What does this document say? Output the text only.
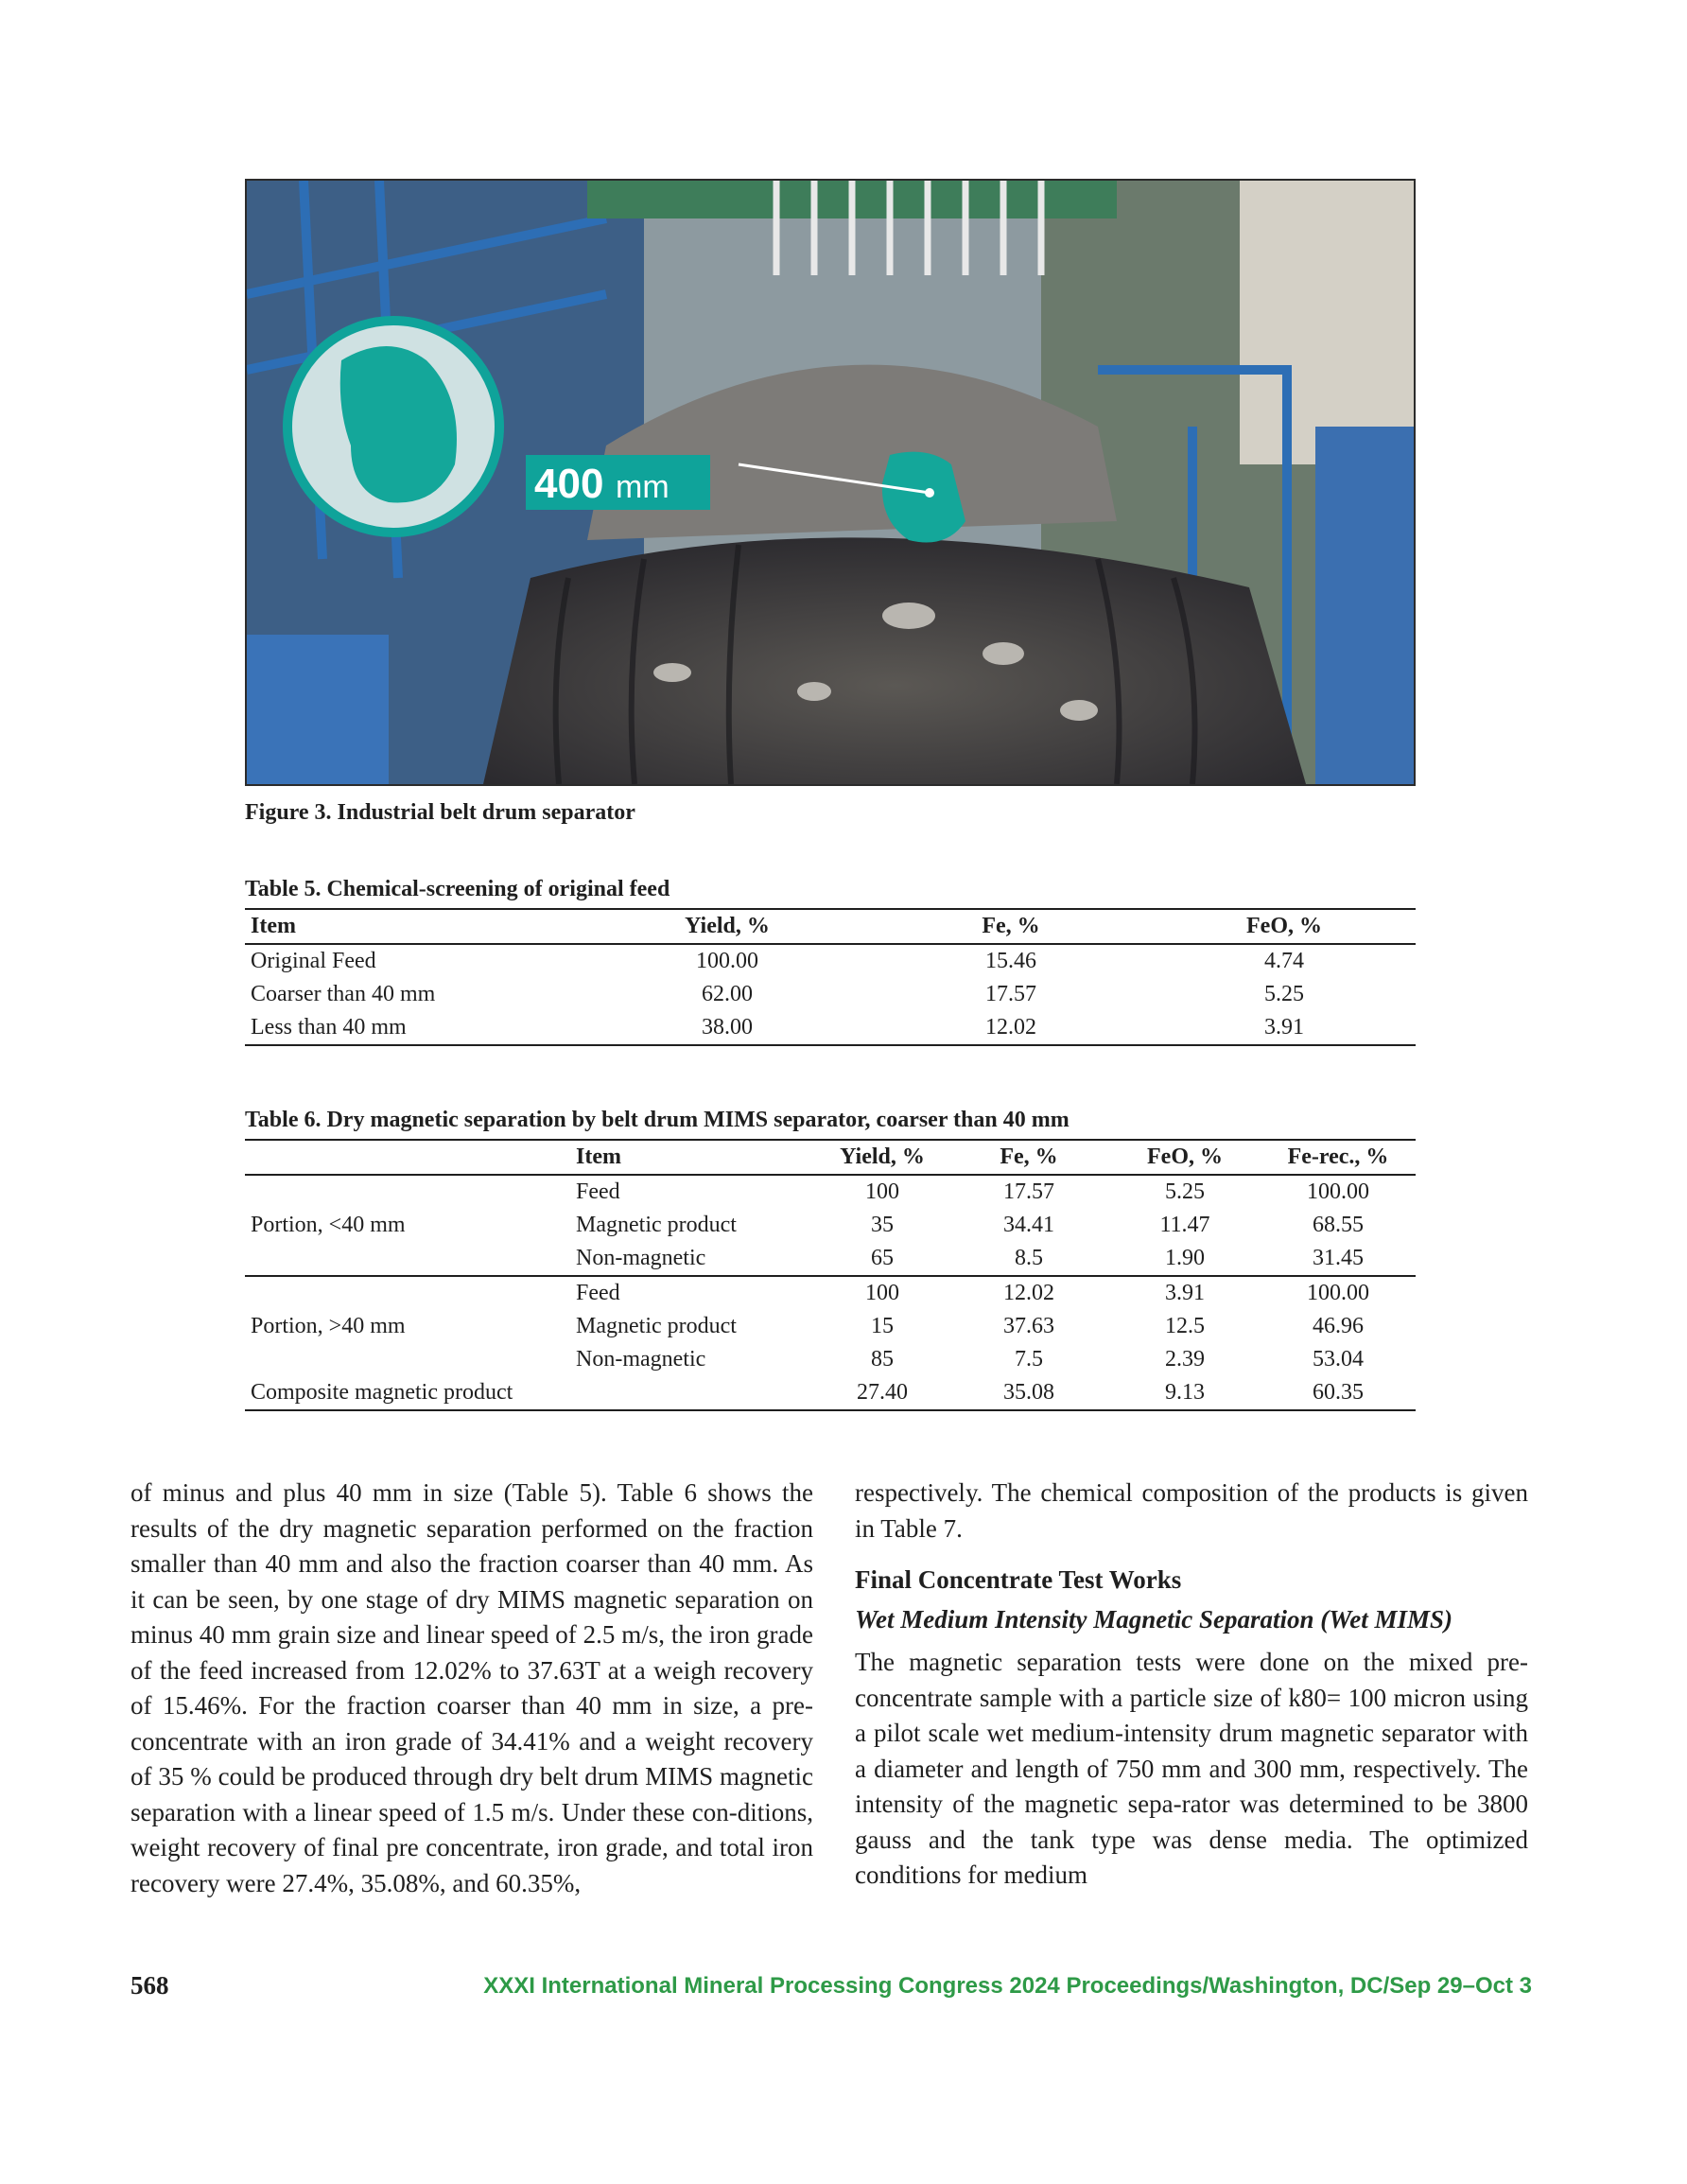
400 mm
Figure 3. Industrial belt drum separator
Table 5. Chemical-screening of original feed
Item	Yield, %	Fe, %	FeO, %
Original Feed	100.00	15.46	4.74
Coarser than 40 mm	62.00	17.57	5.25
Less than 40 mm	38.00	12.02	3.91
Table 6. Dry magnetic separation by belt drum MIMS separator, coarser than 40 mm
	Item	Yield, %	Fe, %	FeO, %	Fe-rec., %
Portion, <40 mm	Feed	100	17.57	5.25	100.00
	Magnetic product	35	34.41	11.47	68.55
	Non-magnetic	65	8.5	1.90	31.45
Portion, >40 mm	Feed	100	12.02	3.91	100.00
	Magnetic product	15	37.63	12.5	46.96
	Non-magnetic	85	7.5	2.39	53.04
Composite magnetic product		27.40	35.08	9.13	60.35

of minus and plus 40 mm in size (Table 5). Table 6 shows the results of the dry magnetic separation performed on the fraction smaller than 40 mm and also the fraction coarser than 40 mm. As it can be seen, by one stage of dry MIMS magnetic separation on minus 40 mm grain size and linear speed of 2.5 m/s, the iron grade of the feed increased from 12.02% to 37.63T at a weigh recovery of 15.46%. For the fraction coarser than 40 mm in size, a pre-concentrate with an iron grade of 34.41% and a weight recovery of 35 % could be produced through dry belt drum MIMS magnetic separation with a linear speed of 1.5 m/s. Under these con-ditions, weight recovery of final pre concentrate, iron grade, and total iron recovery were 27.4%, 35.08%, and 60.35%,

respectively. The chemical composition of the products is given in Table 7.

Final Concentrate Test Works
Wet Medium Intensity Magnetic Separation (Wet MIMS)

The magnetic separation tests were done on the mixed pre-concentrate sample with a particle size of k80= 100 micron using a pilot scale wet medium-intensity drum magnetic separator with a diameter and length of 750 mm and 300 mm, respectively. The intensity of the magnetic sepa-rator was determined to be 3800 gauss and the tank type was dense media. The optimized conditions for medium

568	XXXI International Mineral Processing Congress 2024 Proceedings/Washington, DC/Sep 29–Oct 3
